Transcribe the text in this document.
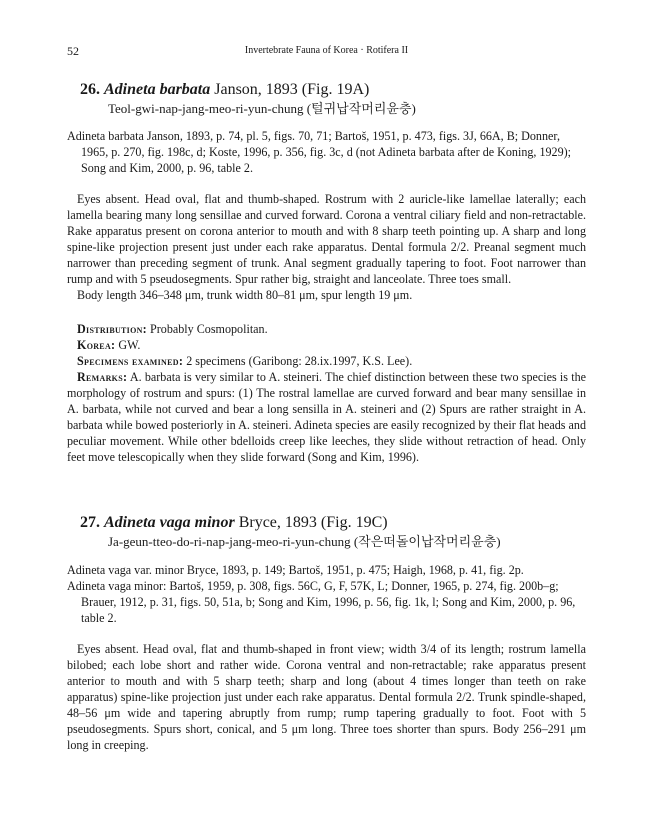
52	Invertebrate Fauna of Korea · Rotifera II
26. Adineta barbata Janson, 1893 (Fig. 19A)
Teol-gwi-nap-jang-meo-ri-yun-chung (털귀납작머리윤충)

Adineta barbata Janson, 1893, p. 74, pl. 5, figs. 70, 71; Bartoš, 1951, p. 473, figs. 3J, 66A, B; Donner, 1965, p. 270, fig. 198c, d; Koste, 1996, p. 356, fig. 3c, d (not Adineta barbata after de Koning, 1929); Song and Kim, 2000, p. 96, table 2.

Eyes absent. Head oval, flat and thumb-shaped. Rostrum with 2 auricle-like lamellae laterally; each lamella bearing many long sensillae and curved forward. Corona a ventral ciliary field and non-retractable. Rake apparatus present on corona anterior to mouth and with 8 sharp teeth pointing up. A sharp and long spine-like projection present just under each rake apparatus. Dental formula 2/2. Preanal segment much narrower than preceding segment of trunk. Anal segment gradually tapering to foot. Foot narrower than rump and with 5 pseudosegments. Spur rather big, straight and lanceolate. Three toes small.

Body length 346–348 μm, trunk width 80–81 μm, spur length 19 μm.

Distribution: Probably Cosmopolitan.

Korea: GW.

Specimens examined: 2 specimens (Garibong: 28.ix.1997, K.S. Lee).

Remarks: A. barbata is very similar to A. steineri. The chief distinction between these two species is the morphology of rostrum and spurs: (1) The rostral lamellae are curved forward and bear many sensillae in A. barbata, while not curved and bear a long sensilla in A. steineri and (2) Spurs are rather straight in A. barbata while bowed posteriorly in A. steineri. Adineta species are easily recognized by their flat heads and peculiar movement. While other bdelloids creep like leeches, they slide without retraction of head. Only feet move telescopically when they slide forward (Song and Kim, 1996).

27. Adineta vaga minor Bryce, 1893 (Fig. 19C)
Ja-geun-tteo-do-ri-nap-jang-meo-ri-yun-chung (작은떠돌이납작머리윤충)

Adineta vaga var. minor Bryce, 1893, p. 149; Bartoš, 1951, p. 475; Haigh, 1968, p. 41, fig. 2p.

Adineta vaga minor: Bartoš, 1959, p. 308, figs. 56C, G, F, 57K, L; Donner, 1965, p. 274, fig. 200b–g; Brauer, 1912, p. 31, figs. 50, 51a, b; Song and Kim, 1996, p. 56, fig. 1k, l; Song and Kim, 2000, p. 96, table 2.

Eyes absent. Head oval, flat and thumb-shaped in front view; width 3/4 of its length; rostrum lamella bilobed; each lobe short and rather wide. Corona ventral and non-retractable; rake apparatus present anterior to mouth and with 5 sharp teeth; sharp and long (about 4 times longer than teeth on rake apparatus) spine-like projection just under each rake apparatus. Dental formula 2/2. Trunk spindle-shaped, 48–56 μm wide and tapering abruptly from rump; rump tapering gradually to foot. Foot with 5 pseudosegments. Spurs short, conical, and 5 μm long. Three toes shorter than spurs. Body 256–291 μm long in creeping.
